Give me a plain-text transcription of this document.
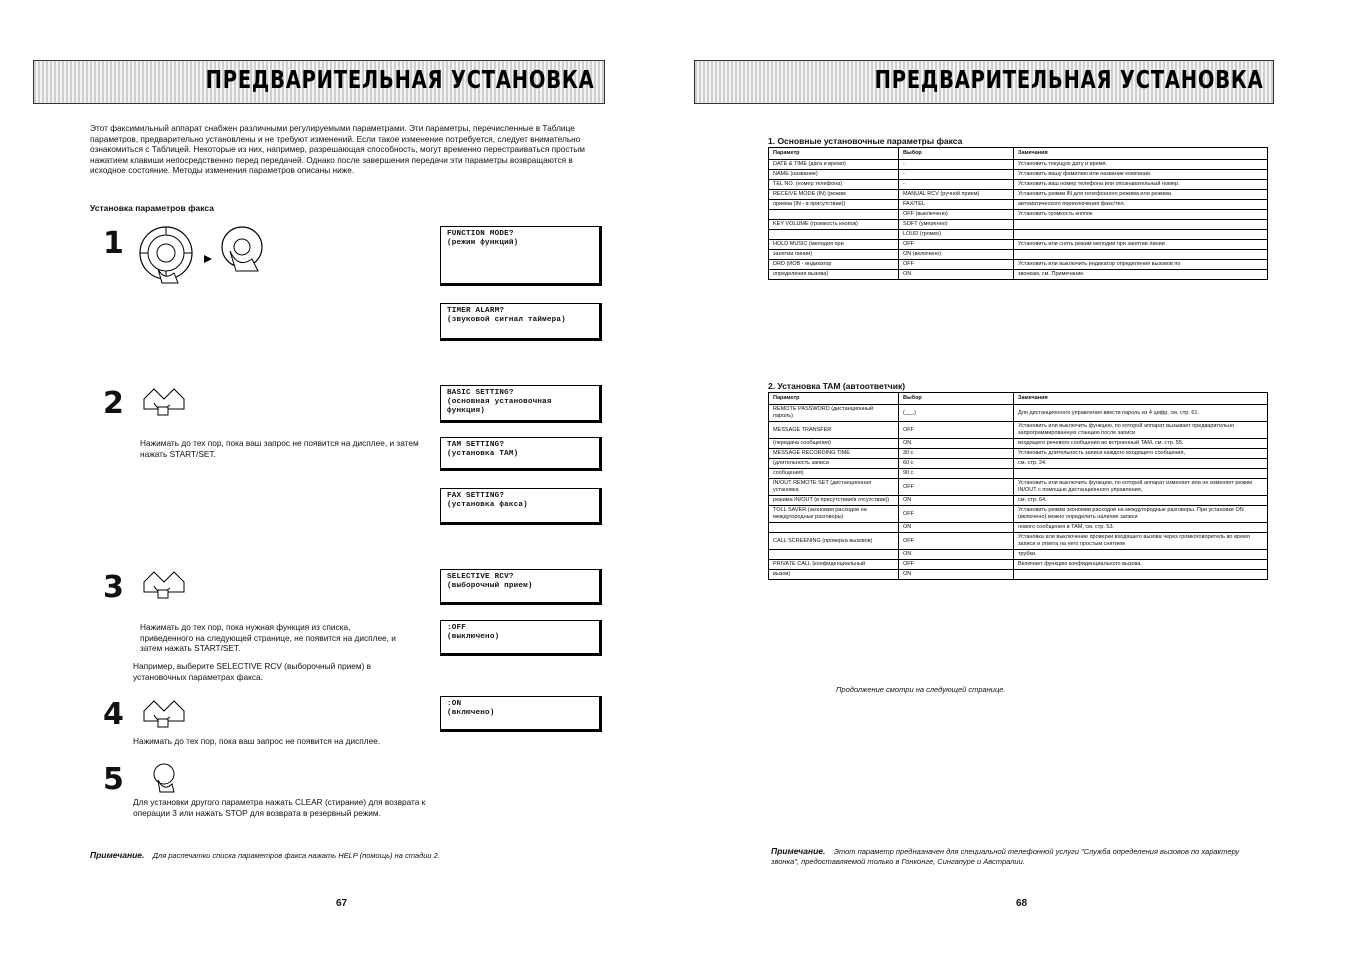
ПРЕДВАРИТЕЛЬНАЯ УСТАНОВКА
Этот факсимильный аппарат снабжен различными регулируемыми параметрами. Эти параметры, перечисленные в Таблице параметров, предварительно установлены и не требуют изменений. Если такое изменение потребуется, следует внимательно ознакомиться с Таблицей. Некоторые из них, например, разрешающая способность, могут временно перестраиваться простым нажатием клавиши непосредственно перед передачей. Однако после завершения передачи эти параметры возвращаются в исходное состояние. Методы изменения параметров описаны ниже.
Установка параметров факса
1
2
Нажимать до тех пор, пока ваш запрос не появится на дисплее, и затем нажать START/SET.
3
Нажимать до тех пор, пока нужная функция из списка, приведенного на следующей странице, не появится на дисплее, и затем нажать START/SET.
Например, выберите SELECTIVE RCV (выборочный прием) в установочных параметрах факса.
4
Нажимать до тех пор, пока ваш запрос не появится на дисплее.
5
Для установки другого параметра нажать CLEAR (стирание) для возврата к операции 3 или нажать STOP для возврата в резервный режим.
FUNCTION MODE?
(режим функций)
TIMER ALARM?
(звуковой сигнал таймера)
BASIC SETTING?
(основная установочная
функция)
TAM SETTING?
(установка TAM)
FAX SETTING?
(установка факса)
SELECTIVE RCV?
(выборочный прием)
:OFF
(выключено)
:ON
(включено)
Примечание. Для распечатки списка параметров факса нажать HELP (помощь) на стадии 2.
67
ПРЕДВАРИТЕЛЬНАЯ УСТАНОВКА
1. Основные установочные параметры факса
Параметр	Выбор	Замечания
DATE & TIME (дата и время)	-	Установить текущую дату и время.
NAME (название)	-	Установить вашу фамилию или название компании.
TEL NO. (номер телефона)	-	Установить ваш номер телефона или опознавательный номер.
RECEIVE MODE (IN) (режим	MANUAL RCV (ручной прием)	Установить режим IN для телефонного режима или режима
приема (IN - в присутствии))	FAX/TEL	автоматического переключения факс/тел.
	OFF (выключено)	Установить громкость кнопок
KEY VOLUME (громкость кнопок)	SOFT (умеренно)	
	LOUD (громко)	
HOLD MUSIC (мелодия при	OFF	Установить или снять режим мелодии при занятии линии
занятии линии)	ON (включено)	
DRD (ИОВ - индикатор	OFF	Установить или выключить индикатор определения вызовов по
определения вызова)	ON	звонкам, см. Примечание.
2. Установка TAM (автоответчик)
Параметр	Выбор	Замечания
REMOTE PASSWORD (дистанционный пароль)	(___)	Для дистанционного управления ввести пароль из 4 цифр, см. стр. 61.
MESSAGE TRANSFER	OFF	Установить или выключить функцию, по которой аппарат вызывает предварительно запрограммированную станцию после записи
(передача сообщения)	ON	входящего речевого сообщения во встроенный TAM, см. стр. 55.
MESSAGE RECORDING TIME	30 с	Установить длительность записи каждого входящего сообщения,
(длительность записи	60 с	см. стр. 24.
сообщения)	90 с	
IN/OUT REMOTE SET (дистанционная установка	OFF	Установить или выключить функцию, по которой аппарат изменяет или не изменяет режим IN/OUT с помощью дистанционного управления,
режима IN/OUT (в присутствии/в отсутствии))	ON	см. стр. 64.
TOLL SAVER (экономия расходов на междугородные разговоры)	OFF	Установить режим экономии расходов на междугородные разговоры. При установке ON (включено) можно определить наличие записи
	ON	нового сообщения в TAM, см. стр. 53.
CALL SCREENING (проверка вызовов)	OFF	Установка или выключение проверки входящего вызова через громкоговоритель во время записи и ответа на него простым снятием
	ON	трубки.
PRIVATE CALL (конфиденциальный	OFF	Включает функцию конфиденциального вызова.
вызов)	ON	
Продолжение смотри на следующей странице.
Примечание. Этот параметр предназначен для специальной телефонной услуги "Служба определения вызовов по характеру звонка", предоставляемой только в Гонконге, Сингапуре и Австралии.
68
